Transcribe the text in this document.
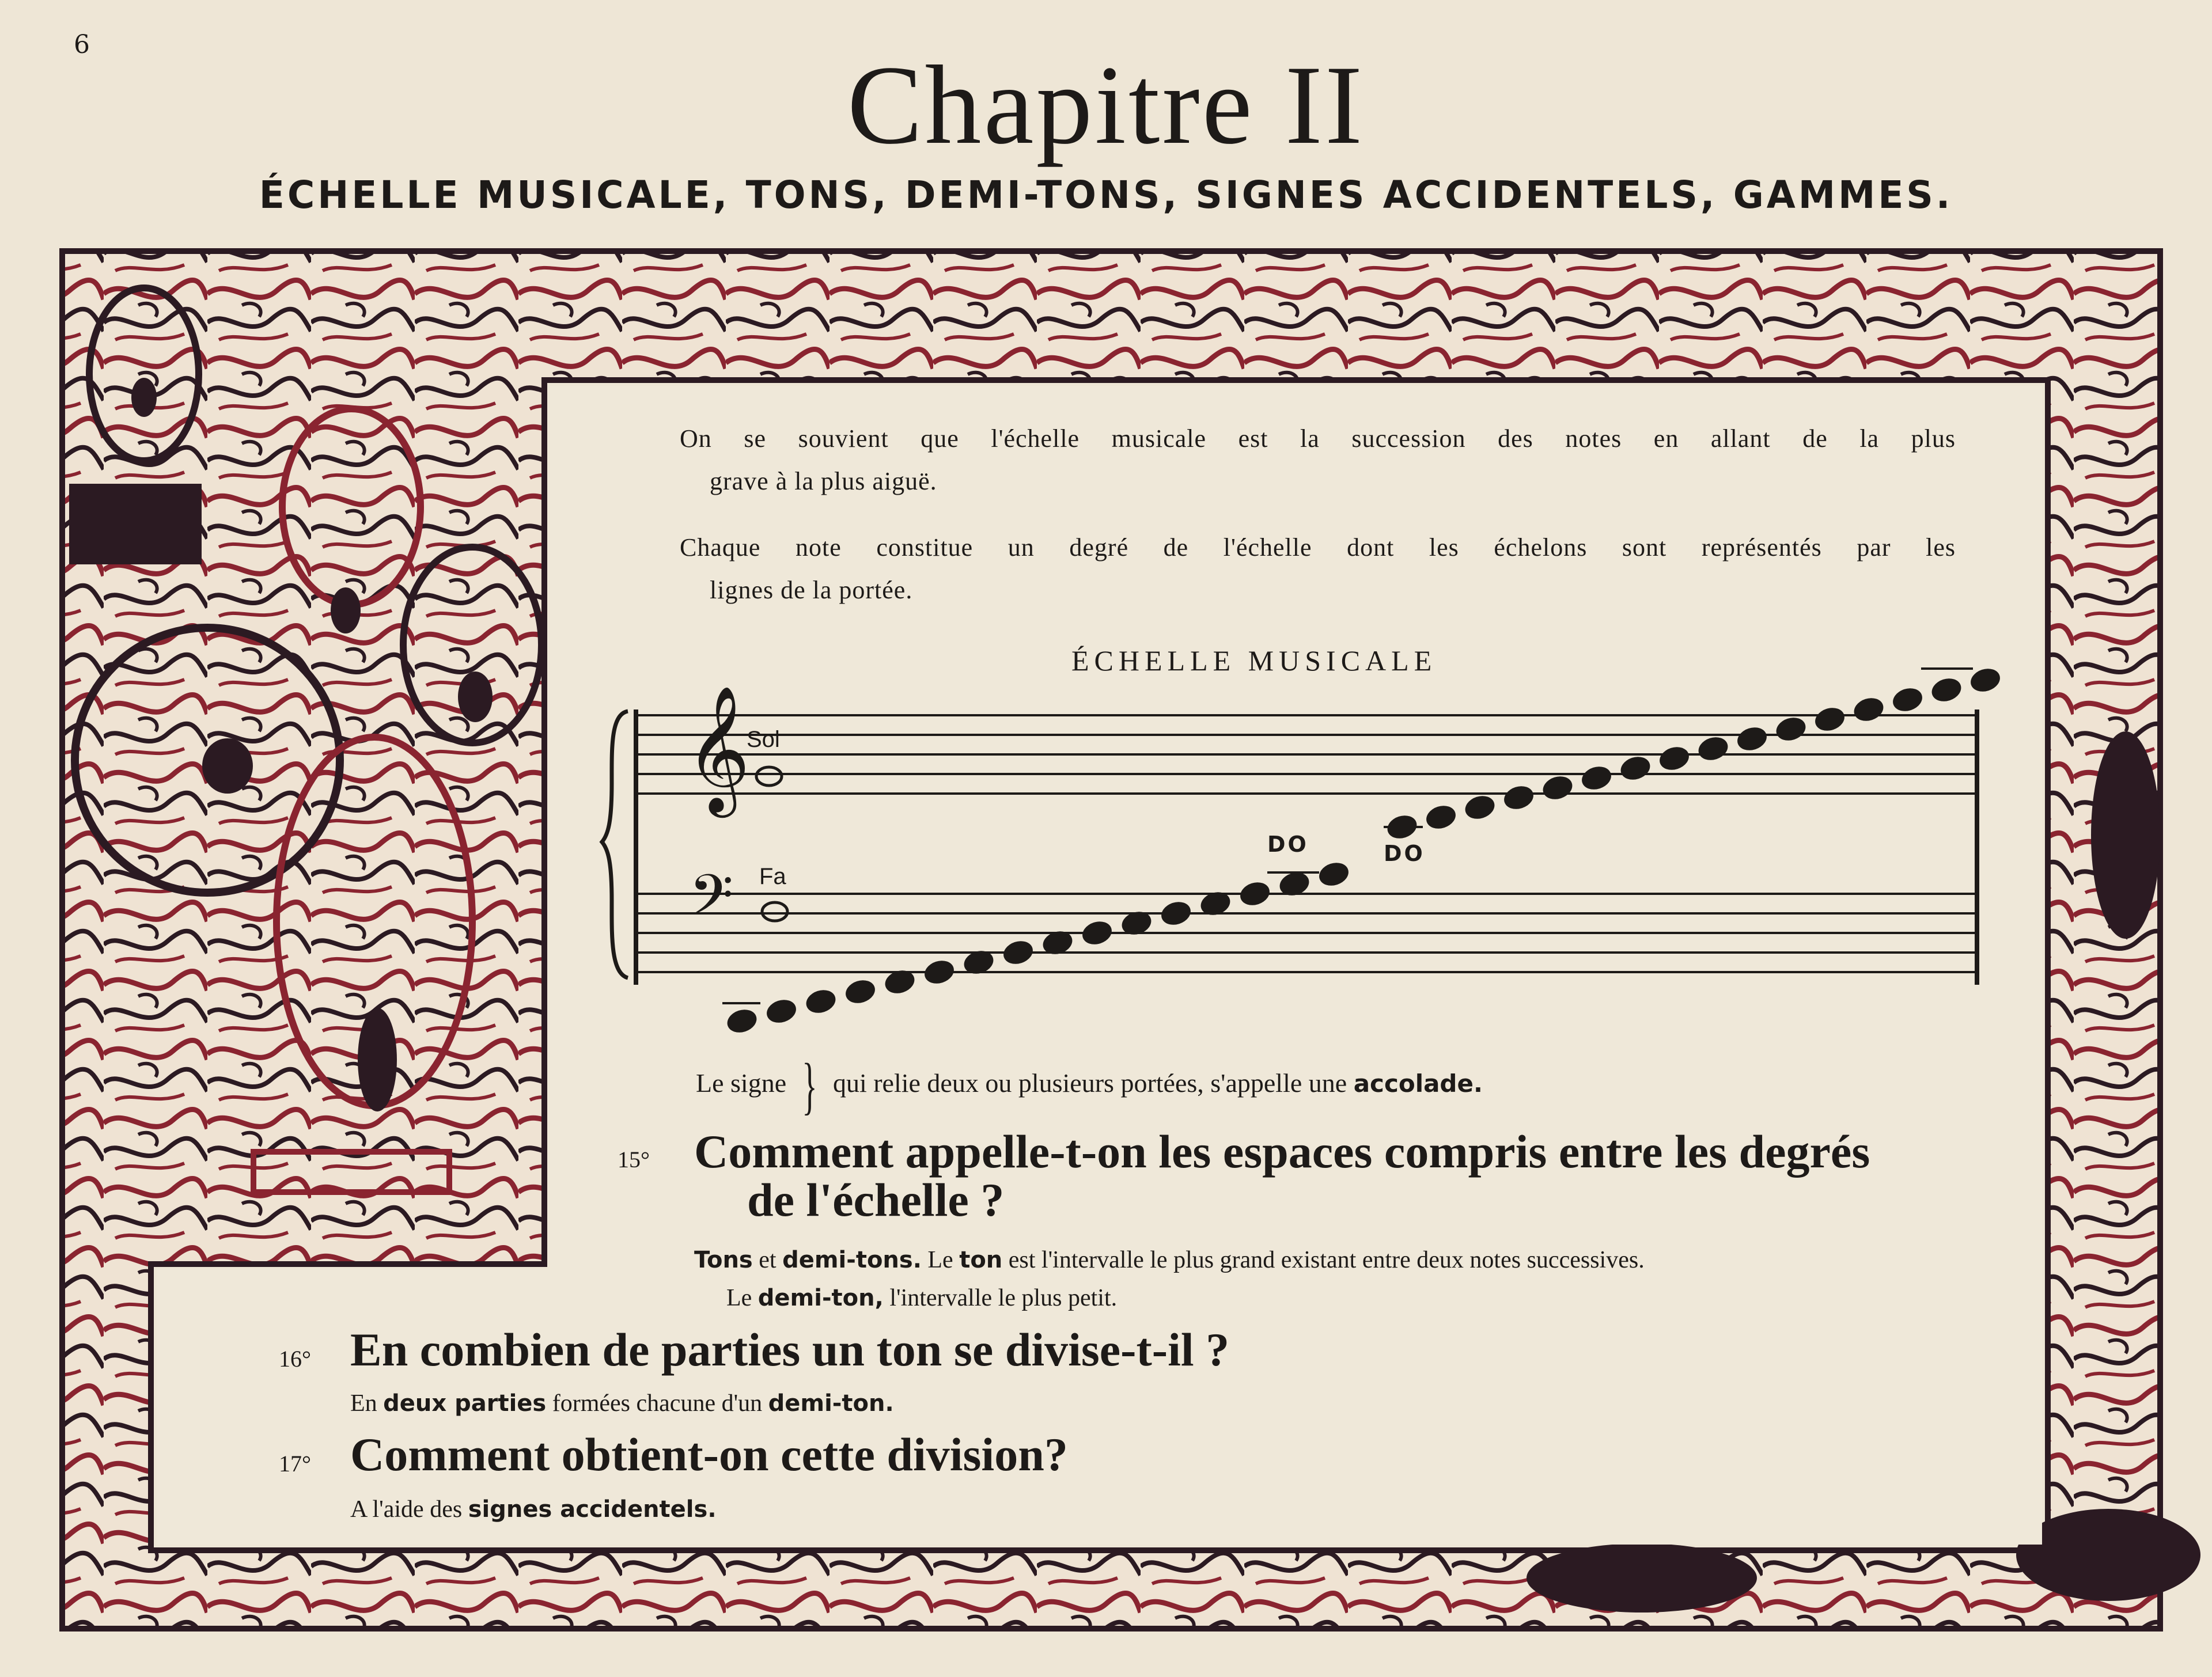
6	Chapitre II
ÉCHELLE MUSICALE, TONS, DEMI-TONS, SIGNES ACCIDENTELS, GAMMES.
On se souvient que l'échelle musicale est la succession des notes en allant de la plus
grave à la plus aiguë.
Chaque note constitue un degré de l'échelle dont les échelons sont représentés par les
lignes de la portée.
ÉCHELLE MUSICALE
𝄞
𝄢
Sol
Fa
DO	DO
Le signe } qui relie deux ou plusieurs portées, s'appelle une accolade.
15° Comment appelle-t-on les espaces compris entre les degrés
de l'échelle ?
Tons et demi-tons. Le ton est l'intervalle le plus grand existant entre deux notes successives.
Le demi-ton, l'intervalle le plus petit.
16° En combien de parties un ton se divise-t-il ?
En deux parties formées chacune d'un demi-ton.
17° Comment obtient-on cette division?
A l'aide des signes accidentels.
